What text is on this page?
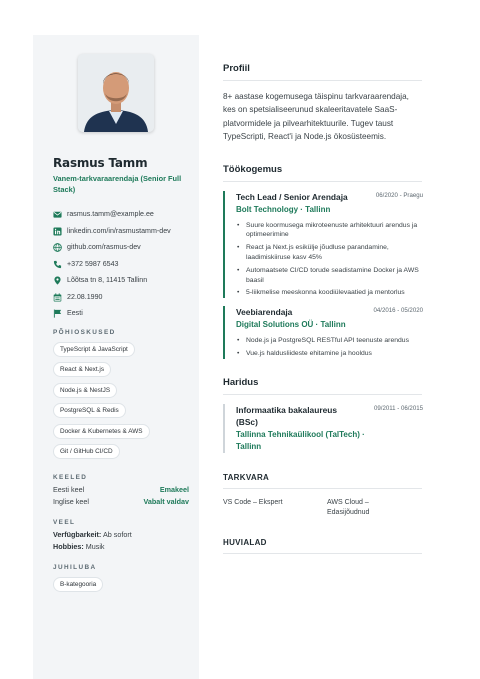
Rasmus Tamm
Vanem-tarkvaraarendaja (Senior Full Stack)
rasmus.tamm@example.ee
linkedin.com/in/rasmustamm-dev
github.com/rasmus-dev
+372 5987 6543
Lõõtsa tn 8, 11415 Tallinn
22.08.1990
Eesti
PÕHIOSKUSED
TypeScript & JavaScript
React & Next.js
Node.js & NestJS
PostgreSQL & Redis
Docker & Kubernetes & AWS
Git / GitHub CI/CD
KEELED
Eesti keel	Emakeel
Inglise keel	Vabalt valdav
VEEL
Verfügbarkeit: Ab sofort
Hobbies: Musik
JUHILUBA
B-kategooria
Profiil

8+ aastase kogemusega täispinu tarkvaraarendaja, kes on spetsialiseerunud skaleeritavatele SaaS-platvormidele ja pilvearhitektuurile. Tugev taust TypeScripti, React'i ja Node.js ökosüsteemis.

Töökogemus
Tech Lead / Senior Arendaja	06/2020 - Praegu
Bolt Technology · Tallinn
• Suure koormusega mikroteenuste arhitektuuri arendus ja optimeerimine
• React ja Next.js esikülje jõudluse parandamine, laadimiskiiruse kasv 45%
• Automaatsete CI/CD torude seadistamine Docker ja AWS baasil
• 5-liikmelise meeskonna koodiülevaatied ja mentorlus
Veebiarendaja	04/2016 - 05/2020
Digital Solutions OÜ · Tallinn
• Node.js ja PostgreSQL RESTful API teenuste arendus
• Vue.js haldusliideste ehitamine ja hooldus
Haridus
Informaatika bakalaureus (BSc)
09/2011 - 06/2015
Tallinna Tehnikaülikool (TalTech) · Tallinn
TARKVARA
VS Code – Ekspert	AWS Cloud – Edasijõudnud
HUVIALAD
